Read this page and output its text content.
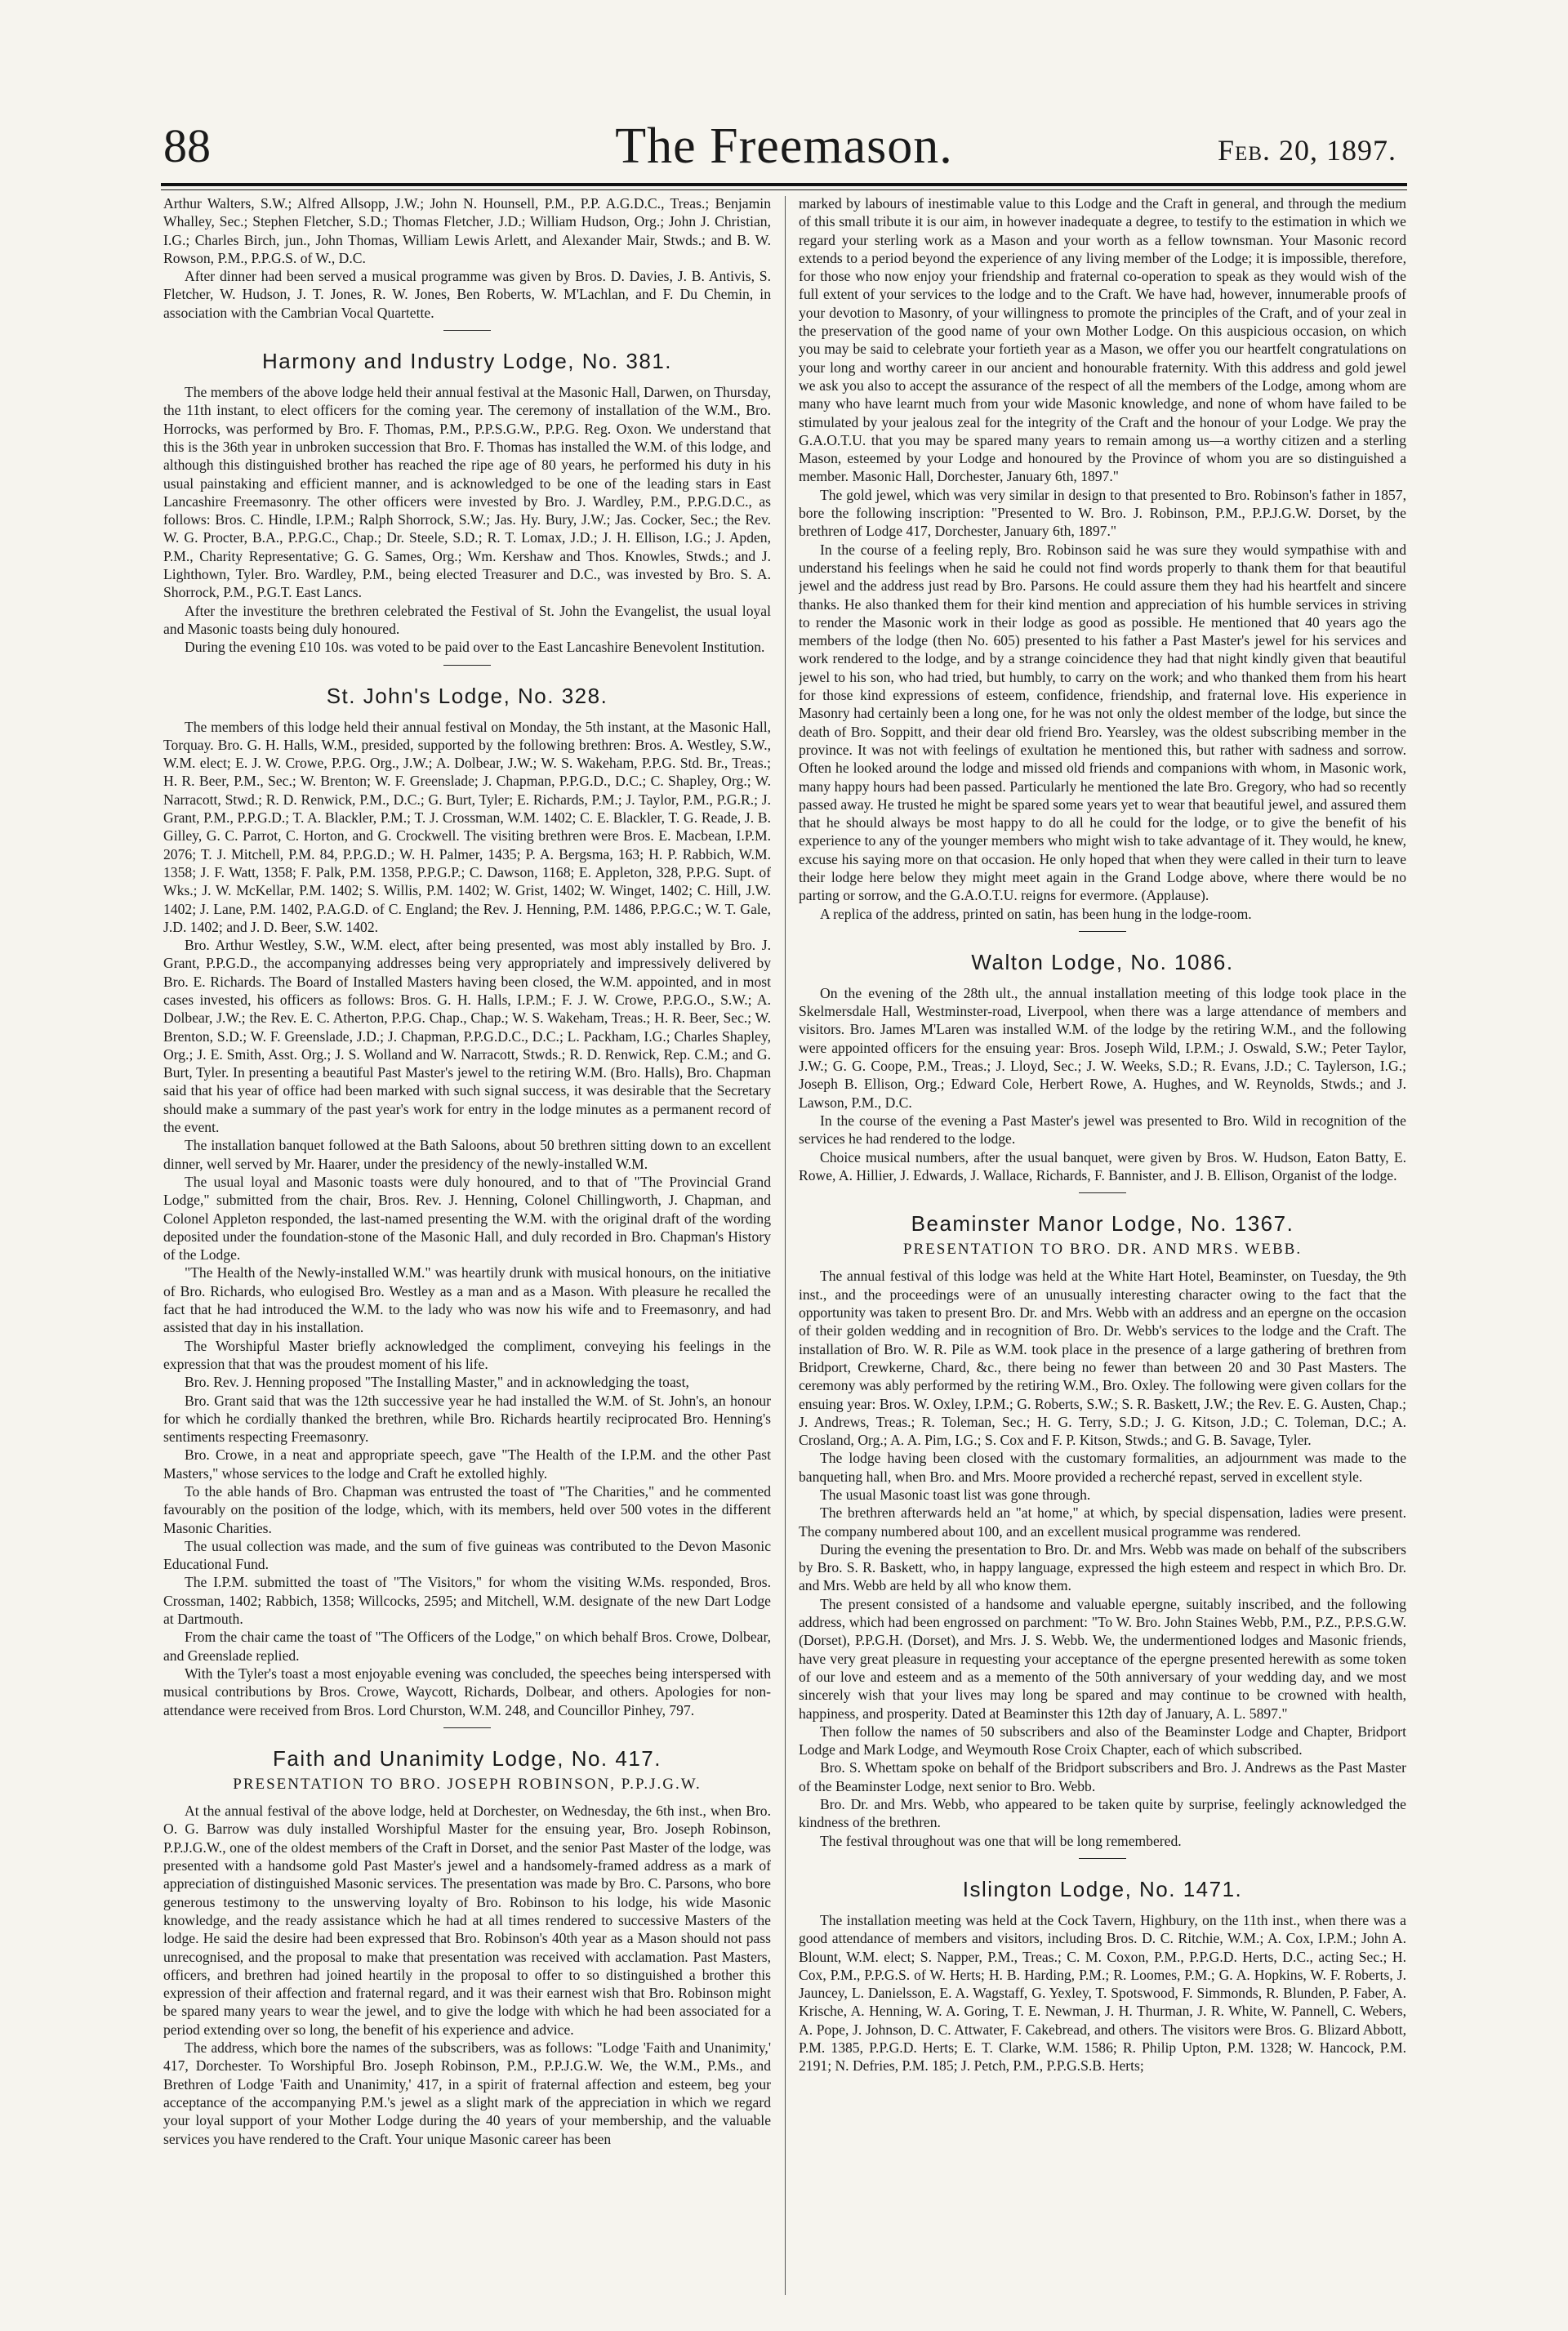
88	The Freemason.	Feb. 20, 1897.

Arthur Walters, S.W.; Alfred Allsopp, J.W.; John N. Hounsell, P.M., P.P. A.G.D.C., Treas.; Benjamin Whalley, Sec.; Stephen Fletcher, S.D.; Thomas Fletcher, J.D.; William Hudson, Org.; John J. Christian, I.G.; Charles Birch, jun., John Thomas, William Lewis Arlett, and Alexander Mair, Stwds.; and B. W. Rowson, P.M., P.P.G.S. of W., D.C.

After dinner had been served a musical programme was given by Bros. D. Davies, J. B. Antivis, S. Fletcher, W. Hudson, J. T. Jones, R. W. Jones, Ben Roberts, W. M'Lachlan, and F. Du Chemin, in association with the Cambrian Vocal Quartette.

Harmony and Industry Lodge, No. 381.

The members of the above lodge held their annual festival at the Masonic Hall, Darwen, on Thursday, the 11th instant, to elect officers for the coming year. The ceremony of installation of the W.M., Bro. Horrocks, was performed by Bro. F. Thomas, P.M., P.P.S.G.W., P.P.G. Reg. Oxon. We understand that this is the 36th year in unbroken succession that Bro. F. Thomas has installed the W.M. of this lodge, and although this distinguished brother has reached the ripe age of 80 years, he performed his duty in his usual painstaking and efficient manner, and is acknowledged to be one of the leading stars in East Lancashire Freemasonry. The other officers were invested by Bro. J. Wardley, P.M., P.P.G.D.C., as follows: Bros. C. Hindle, I.P.M.; Ralph Shorrock, S.W.; Jas. Hy. Bury, J.W.; Jas. Cocker, Sec.; the Rev. W. G. Procter, B.A., P.P.G.C., Chap.; Dr. Steele, S.D.; R. T. Lomax, J.D.; J. H. Ellison, I.G.; J. Apden, P.M., Charity Representative; G. G. Sames, Org.; Wm. Kershaw and Thos. Knowles, Stwds.; and J. Lighthown, Tyler. Bro. Wardley, P.M., being elected Treasurer and D.C., was invested by Bro. S. A. Shorrock, P.M., P.G.T. East Lancs.

After the investiture the brethren celebrated the Festival of St. John the Evangelist, the usual loyal and Masonic toasts being duly honoured.

During the evening £10 10s. was voted to be paid over to the East Lancashire Benevolent Institution.

St. John's Lodge, No. 328.

The members of this lodge held their annual festival on Monday, the 5th instant, at the Masonic Hall, Torquay. Bro. G. H. Halls, W.M., presided, supported by the following brethren: Bros. A. Westley, S.W., W.M. elect; E. J. W. Crowe, P.P.G. Org., J.W.; A. Dolbear, J.W.; W. S. Wakeham, P.P.G. Std. Br., Treas.; H. R. Beer, P.M., Sec.; W. Brenton; W. F. Greenslade; J. Chapman, P.P.G.D., D.C.; C. Shapley, Org.; W. Narracott, Stwd.; R. D. Renwick, P.M., D.C.; G. Burt, Tyler; E. Richards, P.M.; J. Taylor, P.M., P.G.R.; J. Grant, P.M., P.P.G.D.; T. A. Blackler, P.M.; T. J. Crossman, W.M. 1402; C. E. Blackler, T. G. Reade, J. B. Gilley, G. C. Parrot, C. Horton, and G. Crockwell. The visiting brethren were Bros. E. Macbean, I.P.M. 2076; T. J. Mitchell, P.M. 84, P.P.G.D.; W. H. Palmer, 1435; P. A. Bergsma, 163; H. P. Rabbich, W.M. 1358; J. F. Watt, 1358; F. Palk, P.M. 1358, P.P.G.P.; C. Dawson, 1168; E. Appleton, 328, P.P.G. Supt. of Wks.; J. W. McKellar, P.M. 1402; S. Willis, P.M. 1402; W. Grist, 1402; W. Winget, 1402; C. Hill, J.W. 1402; J. Lane, P.M. 1402, P.A.G.D. of C. England; the Rev. J. Henning, P.M. 1486, P.P.G.C.; W. T. Gale, J.D. 1402; and J. D. Beer, S.W. 1402.

Bro. Arthur Westley, S.W., W.M. elect, after being presented, was most ably installed by Bro. J. Grant, P.P.G.D., the accompanying addresses being very appropriately and impressively delivered by Bro. E. Richards. The Board of Installed Masters having been closed, the W.M. appointed, and in most cases invested, his officers as follows: Bros. G. H. Halls, I.P.M.; F. J. W. Crowe, P.P.G.O., S.W.; A. Dolbear, J.W.; the Rev. E. C. Atherton, P.P.G. Chap., Chap.; W. S. Wakeham, Treas.; H. R. Beer, Sec.; W. Brenton, S.D.; W. F. Greenslade, J.D.; J. Chapman, P.P.G.D.C., D.C.; L. Packham, I.G.; Charles Shapley, Org.; J. E. Smith, Asst. Org.; J. S. Wolland and W. Narracott, Stwds.; R. D. Renwick, Rep. C.M.; and G. Burt, Tyler. In presenting a beautiful Past Master's jewel to the retiring W.M. (Bro. Halls), Bro. Chapman said that his year of office had been marked with such signal success, it was desirable that the Secretary should make a summary of the past year's work for entry in the lodge minutes as a permanent record of the event.

The installation banquet followed at the Bath Saloons, about 50 brethren sitting down to an excellent dinner, well served by Mr. Haarer, under the presidency of the newly-installed W.M.

The usual loyal and Masonic toasts were duly honoured, and to that of "The Provincial Grand Lodge," submitted from the chair, Bros. Rev. J. Henning, Colonel Chillingworth, J. Chapman, and Colonel Appleton responded, the last-named presenting the W.M. with the original draft of the wording deposited under the foundation-stone of the Masonic Hall, and duly recorded in Bro. Chapman's History of the Lodge.

"The Health of the Newly-installed W.M." was heartily drunk with musical honours, on the initiative of Bro. Richards, who eulogised Bro. Westley as a man and as a Mason. With pleasure he recalled the fact that he had introduced the W.M. to the lady who was now his wife and to Freemasonry, and had assisted that day in his installation.

The Worshipful Master briefly acknowledged the compliment, conveying his feelings in the expression that that was the proudest moment of his life.

Bro. Rev. J. Henning proposed "The Installing Master," and in acknowledging the toast,

Bro. Grant said that was the 12th successive year he had installed the W.M. of St. John's, an honour for which he cordially thanked the brethren, while Bro. Richards heartily reciprocated Bro. Henning's sentiments respecting Freemasonry.

Bro. Crowe, in a neat and appropriate speech, gave "The Health of the I.P.M. and the other Past Masters," whose services to the lodge and Craft he extolled highly.

To the able hands of Bro. Chapman was entrusted the toast of "The Charities," and he commented favourably on the position of the lodge, which, with its members, held over 500 votes in the different Masonic Charities.

The usual collection was made, and the sum of five guineas was contributed to the Devon Masonic Educational Fund.

The I.P.M. submitted the toast of "The Visitors," for whom the visiting W.Ms. responded, Bros. Crossman, 1402; Rabbich, 1358; Willcocks, 2595; and Mitchell, W.M. designate of the new Dart Lodge at Dartmouth.

From the chair came the toast of "The Officers of the Lodge," on which behalf Bros. Crowe, Dolbear, and Greenslade replied.

With the Tyler's toast a most enjoyable evening was concluded, the speeches being interspersed with musical contributions by Bros. Crowe, Waycott, Richards, Dolbear, and others. Apologies for non-attendance were received from Bros. Lord Churston, W.M. 248, and Councillor Pinhey, 797.

Faith and Unanimity Lodge, No. 417.
PRESENTATION TO BRO. JOSEPH ROBINSON, P.P.J.G.W.

At the annual festival of the above lodge, held at Dorchester, on Wednesday, the 6th inst., when Bro. O. G. Barrow was duly installed Worshipful Master for the ensuing year, Bro. Joseph Robinson, P.P.J.G.W., one of the oldest members of the Craft in Dorset, and the senior Past Master of the lodge, was presented with a handsome gold Past Master's jewel and a handsomely-framed address as a mark of appreciation of distinguished Masonic services. The presentation was made by Bro. C. Parsons, who bore generous testimony to the unswerving loyalty of Bro. Robinson to his lodge, his wide Masonic knowledge, and the ready assistance which he had at all times rendered to successive Masters of the lodge. He said the desire had been expressed that Bro. Robinson's 40th year as a Mason should not pass unrecognised, and the proposal to make that presentation was received with acclamation. Past Masters, officers, and brethren had joined heartily in the proposal to offer to so distinguished a brother this expression of their affection and fraternal regard, and it was their earnest wish that Bro. Robinson might be spared many years to wear the jewel, and to give the lodge with which he had been associated for a period extending over so long, the benefit of his experience and advice.

The address, which bore the names of the subscribers, was as follows: "Lodge 'Faith and Unanimity,' 417, Dorchester. To Worshipful Bro. Joseph Robinson, P.M., P.P.J.G.W. We, the W.M., P.Ms., and Brethren of Lodge 'Faith and Unanimity,' 417, in a spirit of fraternal affection and esteem, beg your acceptance of the accompanying P.M.'s jewel as a slight mark of the appreciation in which we regard your loyal support of your Mother Lodge during the 40 years of your membership, and the valuable services you have rendered to the Craft. Your unique Masonic career has been

marked by labours of inestimable value to this Lodge and the Craft in general, and through the medium of this small tribute it is our aim, in however inadequate a degree, to testify to the estimation in which we regard your sterling work as a Mason and your worth as a fellow townsman. Your Masonic record extends to a period beyond the experience of any living member of the Lodge; it is impossible, therefore, for those who now enjoy your friendship and fraternal co-operation to speak as they would wish of the full extent of your services to the lodge and to the Craft. We have had, however, innumerable proofs of your devotion to Masonry, of your willingness to promote the principles of the Craft, and of your zeal in the preservation of the good name of your own Mother Lodge. On this auspicious occasion, on which you may be said to celebrate your fortieth year as a Mason, we offer you our heartfelt congratulations on your long and worthy career in our ancient and honourable fraternity. With this address and gold jewel we ask you also to accept the assurance of the respect of all the members of the Lodge, among whom are many who have learnt much from your wide Masonic knowledge, and none of whom have failed to be stimulated by your jealous zeal for the integrity of the Craft and the honour of your Lodge. We pray the G.A.O.T.U. that you may be spared many years to remain among us—a worthy citizen and a sterling Mason, esteemed by your Lodge and honoured by the Province of whom you are so distinguished a member. Masonic Hall, Dorchester, January 6th, 1897."

The gold jewel, which was very similar in design to that presented to Bro. Robinson's father in 1857, bore the following inscription: "Presented to W. Bro. J. Robinson, P.M., P.P.J.G.W. Dorset, by the brethren of Lodge 417, Dorchester, January 6th, 1897."

In the course of a feeling reply, Bro. Robinson said he was sure they would sympathise with and understand his feelings when he said he could not find words properly to thank them for that beautiful jewel and the address just read by Bro. Parsons. He could assure them they had his heartfelt and sincere thanks. He also thanked them for their kind mention and appreciation of his humble services in striving to render the Masonic work in their lodge as good as possible. He mentioned that 40 years ago the members of the lodge (then No. 605) presented to his father a Past Master's jewel for his services and work rendered to the lodge, and by a strange coincidence they had that night kindly given that beautiful jewel to his son, who had tried, but humbly, to carry on the work; and who thanked them from his heart for those kind expressions of esteem, confidence, friendship, and fraternal love. His experience in Masonry had certainly been a long one, for he was not only the oldest member of the lodge, but since the death of Bro. Soppitt, and their dear old friend Bro. Yearsley, was the oldest subscribing member in the province. It was not with feelings of exultation he mentioned this, but rather with sadness and sorrow. Often he looked around the lodge and missed old friends and companions with whom, in Masonic work, many happy hours had been passed. Particularly he mentioned the late Bro. Gregory, who had so recently passed away. He trusted he might be spared some years yet to wear that beautiful jewel, and assured them that he should always be most happy to do all he could for the lodge, or to give the benefit of his experience to any of the younger members who might wish to take advantage of it. They would, he knew, excuse his saying more on that occasion. He only hoped that when they were called in their turn to leave their lodge here below they might meet again in the Grand Lodge above, where there would be no parting or sorrow, and the G.A.O.T.U. reigns for evermore. (Applause).

A replica of the address, printed on satin, has been hung in the lodge-room.

Walton Lodge, No. 1086.

On the evening of the 28th ult., the annual installation meeting of this lodge took place in the Skelmersdale Hall, Westminster-road, Liverpool, when there was a large attendance of members and visitors. Bro. James M'Laren was installed W.M. of the lodge by the retiring W.M., and the following were appointed officers for the ensuing year: Bros. Joseph Wild, I.P.M.; J. Oswald, S.W.; Peter Taylor, J.W.; G. G. Coope, P.M., Treas.; J. Lloyd, Sec.; J. W. Weeks, S.D.; R. Evans, J.D.; C. Taylerson, I.G.; Joseph B. Ellison, Org.; Edward Cole, Herbert Rowe, A. Hughes, and W. Reynolds, Stwds.; and J. Lawson, P.M., D.C.

In the course of the evening a Past Master's jewel was presented to Bro. Wild in recognition of the services he had rendered to the lodge.

Choice musical numbers, after the usual banquet, were given by Bros. W. Hudson, Eaton Batty, E. Rowe, A. Hillier, J. Edwards, J. Wallace, Richards, F. Bannister, and J. B. Ellison, Organist of the lodge.

Beaminster Manor Lodge, No. 1367.
PRESENTATION TO BRO. DR. AND MRS. WEBB.

The annual festival of this lodge was held at the White Hart Hotel, Beaminster, on Tuesday, the 9th inst., and the proceedings were of an unusually interesting character owing to the fact that the opportunity was taken to present Bro. Dr. and Mrs. Webb with an address and an epergne on the occasion of their golden wedding and in recognition of Bro. Dr. Webb's services to the lodge and the Craft. The installation of Bro. W. R. Pile as W.M. took place in the presence of a large gathering of brethren from Bridport, Crewkerne, Chard, &c., there being no fewer than between 20 and 30 Past Masters. The ceremony was ably performed by the retiring W.M., Bro. Oxley. The following were given collars for the ensuing year: Bros. W. Oxley, I.P.M.; G. Roberts, S.W.; S. R. Baskett, J.W.; the Rev. E. G. Austen, Chap.; J. Andrews, Treas.; R. Toleman, Sec.; H. G. Terry, S.D.; J. G. Kitson, J.D.; C. Toleman, D.C.; A. Crosland, Org.; A. A. Pim, I.G.; S. Cox and F. P. Kitson, Stwds.; and G. B. Savage, Tyler.

The lodge having been closed with the customary formalities, an adjournment was made to the banqueting hall, when Bro. and Mrs. Moore provided a recherché repast, served in excellent style.

The usual Masonic toast list was gone through.

The brethren afterwards held an "at home," at which, by special dispensation, ladies were present. The company numbered about 100, and an excellent musical programme was rendered.

During the evening the presentation to Bro. Dr. and Mrs. Webb was made on behalf of the subscribers by Bro. S. R. Baskett, who, in happy language, expressed the high esteem and respect in which Bro. Dr. and Mrs. Webb are held by all who know them.

The present consisted of a handsome and valuable epergne, suitably inscribed, and the following address, which had been engrossed on parchment: "To W. Bro. John Staines Webb, P.M., P.Z., P.P.S.G.W. (Dorset), P.P.G.H. (Dorset), and Mrs. J. S. Webb. We, the undermentioned lodges and Masonic friends, have very great pleasure in requesting your acceptance of the epergne presented herewith as some token of our love and esteem and as a memento of the 50th anniversary of your wedding day, and we most sincerely wish that your lives may long be spared and may continue to be crowned with health, happiness, and prosperity. Dated at Beaminster this 12th day of January, A. L. 5897."

Then follow the names of 50 subscribers and also of the Beaminster Lodge and Chapter, Bridport Lodge and Mark Lodge, and Weymouth Rose Croix Chapter, each of which subscribed.

Bro. S. Whettam spoke on behalf of the Bridport subscribers and Bro. J. Andrews as the Past Master of the Beaminster Lodge, next senior to Bro. Webb.

Bro. Dr. and Mrs. Webb, who appeared to be taken quite by surprise, feelingly acknowledged the kindness of the brethren.

The festival throughout was one that will be long remembered.

Islington Lodge, No. 1471.

The installation meeting was held at the Cock Tavern, Highbury, on the 11th inst., when there was a good attendance of members and visitors, including Bros. D. C. Ritchie, W.M.; A. Cox, I.P.M.; John A. Blount, W.M. elect; S. Napper, P.M., Treas.; C. M. Coxon, P.M., P.P.G.D. Herts, D.C., acting Sec.; H. Cox, P.M., P.P.G.S. of W. Herts; H. B. Harding, P.M.; R. Loomes, P.M.; G. A. Hopkins, W. F. Roberts, J. Jauncey, L. Danielsson, E. A. Wagstaff, G. Yexley, T. Spotswood, F. Simmonds, R. Blunden, P. Faber, A. Krische, A. Henning, W. A. Goring, T. E. Newman, J. H. Thurman, J. R. White, W. Pannell, C. Webers, A. Pope, J. Johnson, D. C. Attwater, F. Cakebread, and others. The visitors were Bros. G. Blizard Abbott, P.M. 1385, P.P.G.D. Herts; E. T. Clarke, W.M. 1586; R. Philip Upton, P.M. 1328; W. Hancock, P.M. 2191; N. Defries, P.M. 185; J. Petch, P.M., P.P.G.S.B. Herts;
